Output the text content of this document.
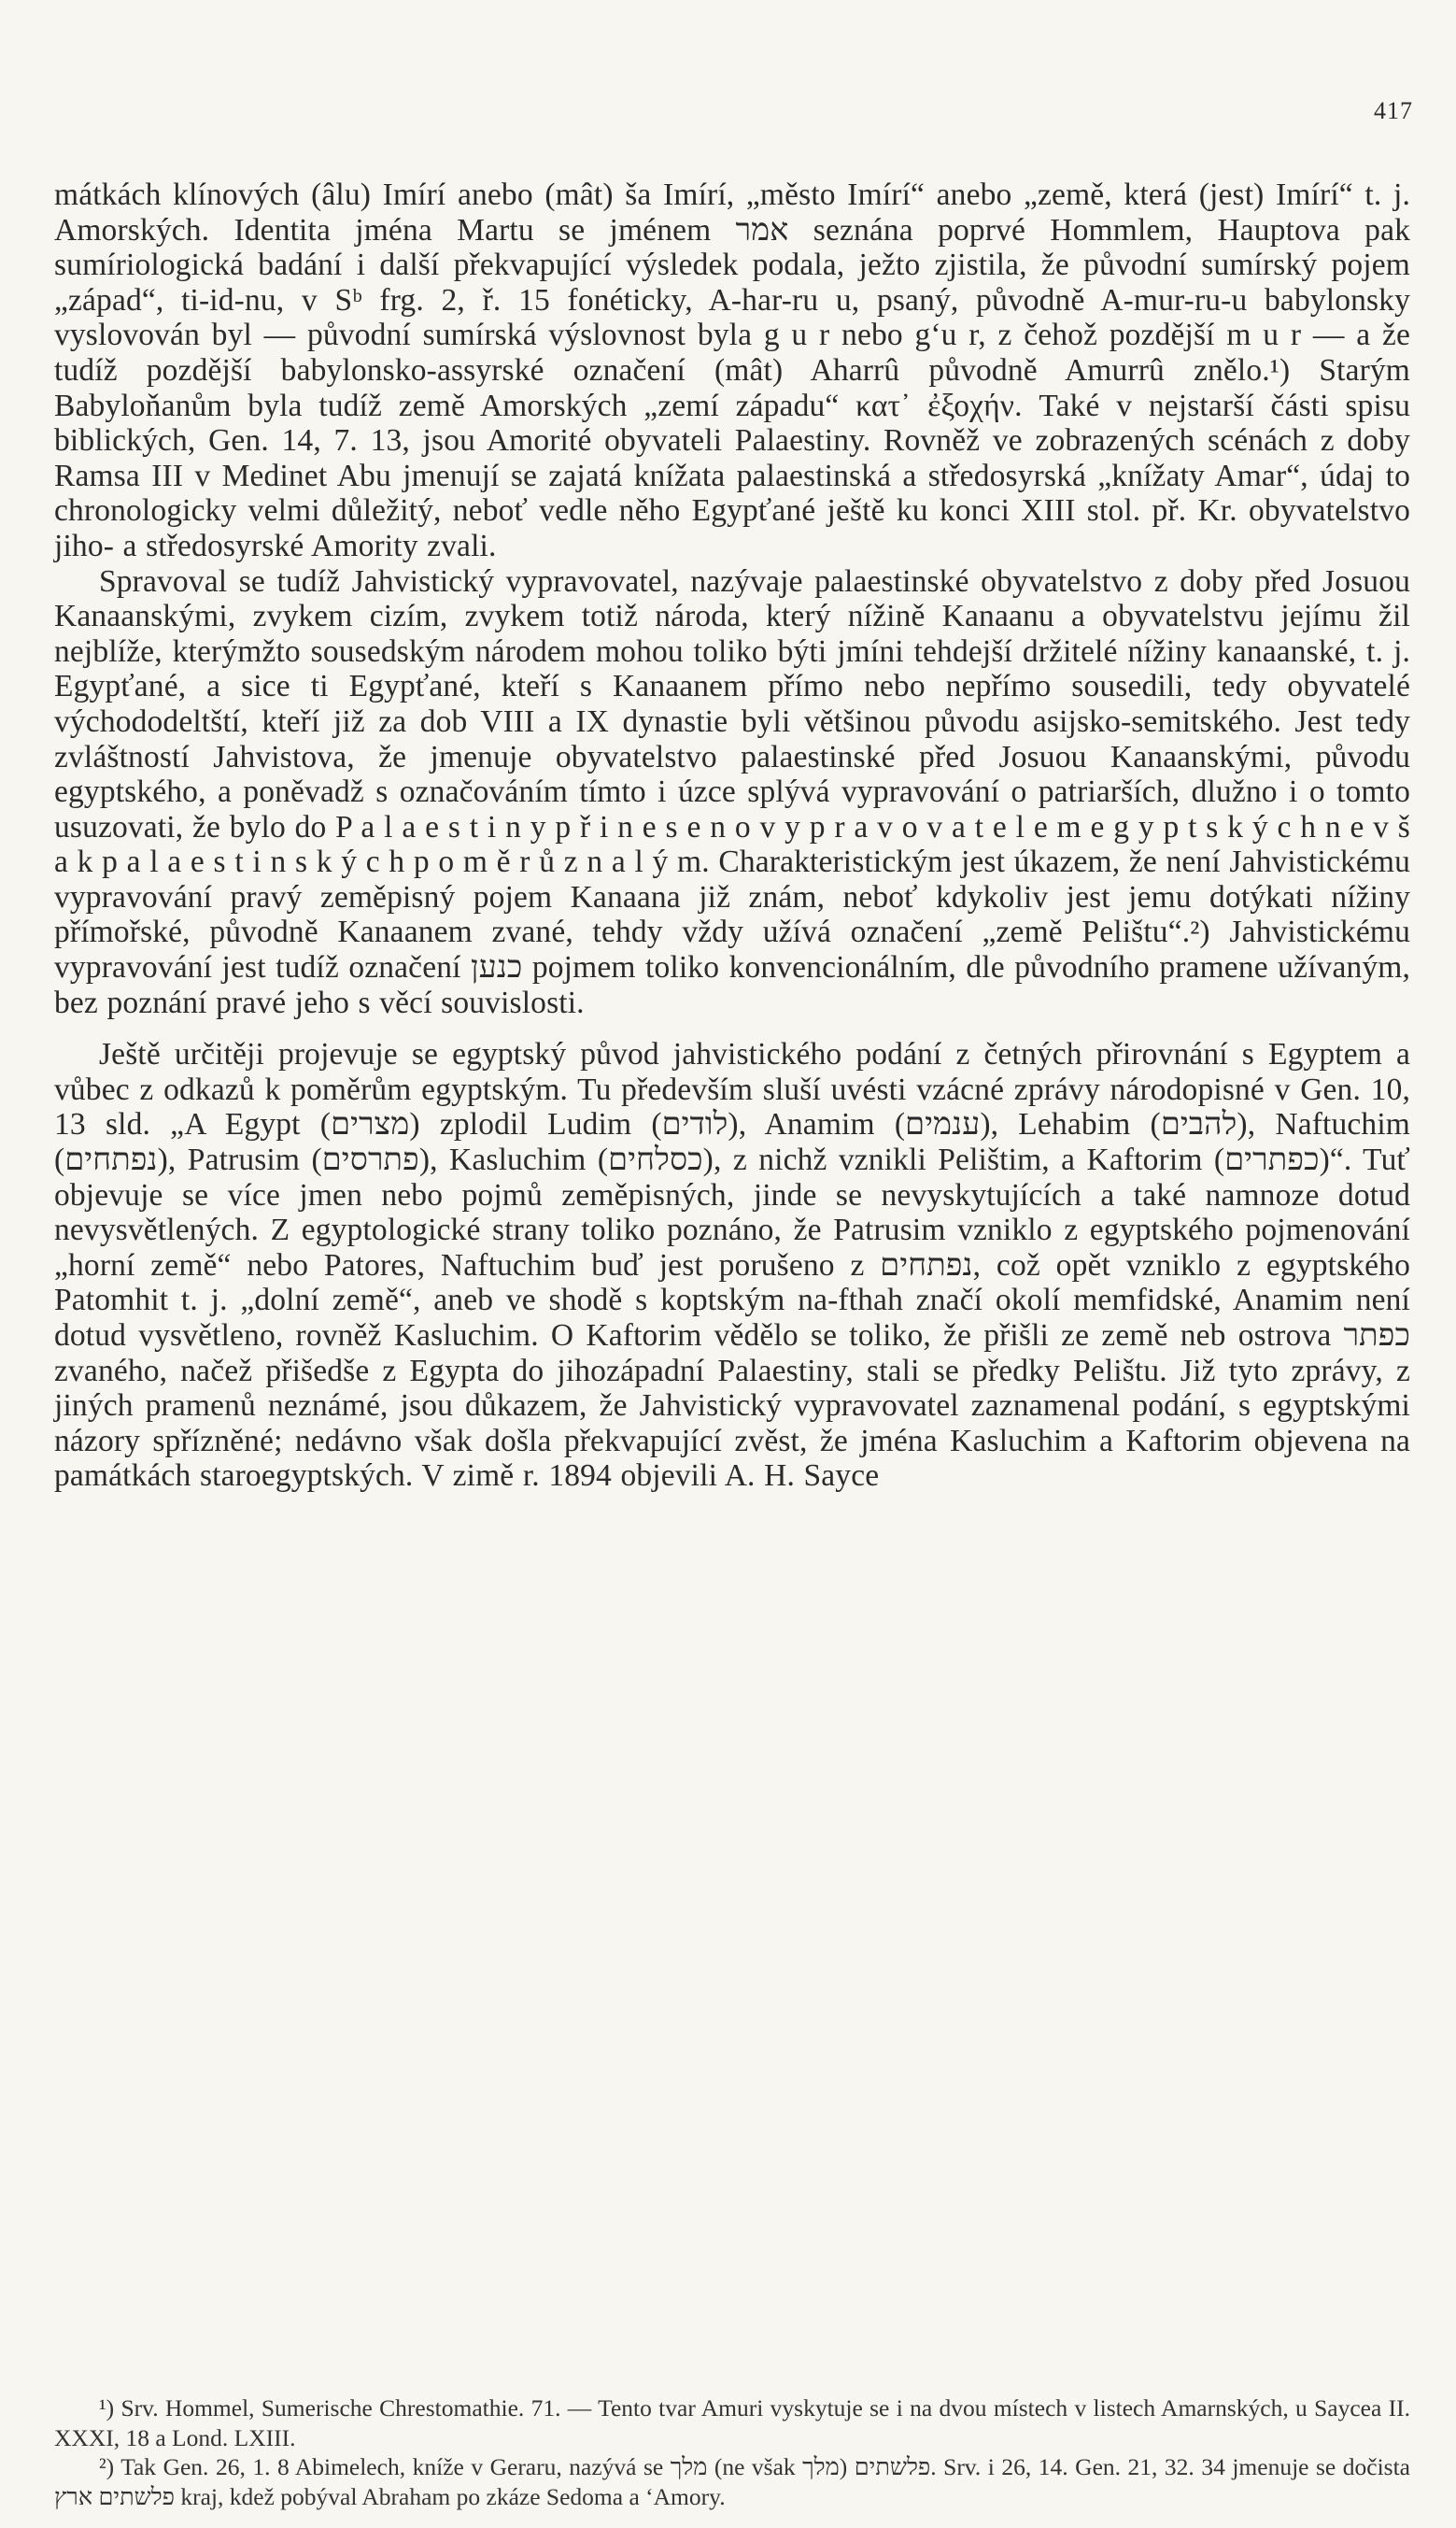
417

mátkách klínových (âlu) Imírí anebo (mât) ša Imírí, „město Imírí“ anebo „země, která (jest) Imírí“ t. j. Amorských. Identita jména Martu se jménem אמר seznána poprvé Hommlem, Hauptova pak sumíriologická badání i další překvapující výsledek podala, ježto zjistila, že původní sumírský pojem „západ“, ti-id-nu, v Sᵇ frg. 2, ř. 15 fonéticky, A-har-ru u, psaný, původně A-mur-ru-u babylonsky vyslovován byl — původní sumírská výslovnost byla g u r nebo g‘u r, z čehož pozdější m u r — a že tudíž pozdější babylonsko-assyrské označení (mât) Aharrû původně Amurrû znělo.¹) Starým Babyloňanům byla tudíž země Amorských „zemí západu“ κατ᾽ ἐξοχήν. Také v nejstarší části spisu biblických, Gen. 14, 7. 13, jsou Amorité obyvateli Palaestiny. Rovněž ve zobrazených scénách z doby Ramsa III v Medinet Abu jmenují se zajatá knížata palaestinská a středosyrská „knížaty Amar“, údaj to chronologicky velmi důležitý, neboť vedle něho Egypťané ještě ku konci XIII stol. př. Kr. obyvatelstvo jiho- a středosyrské Amority zvali.

Spravoval se tudíž Jahvistický vypravovatel, nazývaje palaestinské obyvatelstvo z doby před Josuou Kanaanskými, zvykem cizím, zvykem totiž národa, který nížině Kanaanu a obyvatelstvu jejímu žil nejblíže, kterýmžto sousedským národem mohou toliko býti jmíni tehdejší držitelé nížiny kanaanské, t. j. Egypťané, a sice ti Egypťané, kteří s Kanaanem přímo nebo nepřímo sousedili, tedy obyvatelé východodeltští, kteří již za dob VIII a IX dynastie byli většinou původu asijsko-semitského. Jest tedy zvláštností Jahvistova, že jmenuje obyvatelstvo palaestinské před Josuou Kanaanskými, původu egyptského, a poněvadž s označováním tímto i úzce splývá vypravování o patriarších, dlužno i o tomto usuzovati, že bylo do P a l a e s t i n y p ř i n e s e n o v y p r a v o v a t e l e m e g y p t s k ý c h n e v š a k p a l a e s t i n s k ý c h p o m ě r ů z n a l ý m. Charakteristickým jest úkazem, že není Jahvistickému vypravování pravý zeměpisný pojem Kanaana již znám, neboť kdykoliv jest jemu dotýkati nížiny přímořské, původně Kanaanem zvané, tehdy vždy užívá označení „země Pelištu“.²) Jahvistickému vypravování jest tudíž označení כנען pojmem toliko konvencionálním, dle původního pramene užívaným, bez poznání pravé jeho s věcí souvislosti.

Ještě určitěji projevuje se egyptský původ jahvistického podání z četných přirovnání s Egyptem a vůbec z odkazů k poměrům egyptským. Tu především sluší uvésti vzácné zprávy národopisné v Gen. 10, 13 sld. „A Egypt (מצרים) zplodil Ludim (לודים), Anamim (ענמים), Lehabim (להבים), Naftuchim (נפתחים), Patrusim (פתרסים), Kasluchim (כסלחים), z nichž vznikli Pelištim, a Kaftorim (כפתרים)“. Tuť objevuje se více jmen nebo pojmů zeměpisných, jinde se nevyskytujících a také namnoze dotud nevysvětlených. Z egyptologické strany toliko poznáno, že Patrusim vzniklo z egyptského pojmenování „horní země“ nebo Patores, Naftuchim buď jest porušeno z נפתחים, což opět vzniklo z egyptského Patomhit t. j. „dolní země“, aneb ve shodě s koptským na-fthah značí okolí memfidské, Anamim není dotud vysvětleno, rovněž Kasluchim. O Kaftorim vědělo se toliko, že přišli ze země neb ostrova כפתר zvaného, načež přišedše z Egypta do jihozápadní Palaestiny, stali se předky Pelištu. Již tyto zprávy, z jiných pramenů neznámé, jsou důkazem, že Jahvistický vypravovatel zaznamenal podání, s egyptskými názory spřízněné; nedávno však došla překvapující zvěst, že jména Kasluchim a Kaftorim objevena na památkách staroegyptských. V zimě r. 1894 objevili A. H. Sayce

¹) Srv. Hommel, Sumerische Chrestomathie. 71. — Tento tvar Amuri vyskytuje se i na dvou místech v listech Amarnských, u Saycea II. XXXI, 18 a Lond. LXIII.

²) Tak Gen. 26, 1. 8 Abimelech, kníže v Geraru, nazývá se מלך (ne však מלך) פלשתים. Srv. i 26, 14. Gen. 21, 32. 34 jmenuje se dočista פלשתים ארץ kraj, kdež pobýval Abraham po zkáze Sedoma a ‘Amory.
